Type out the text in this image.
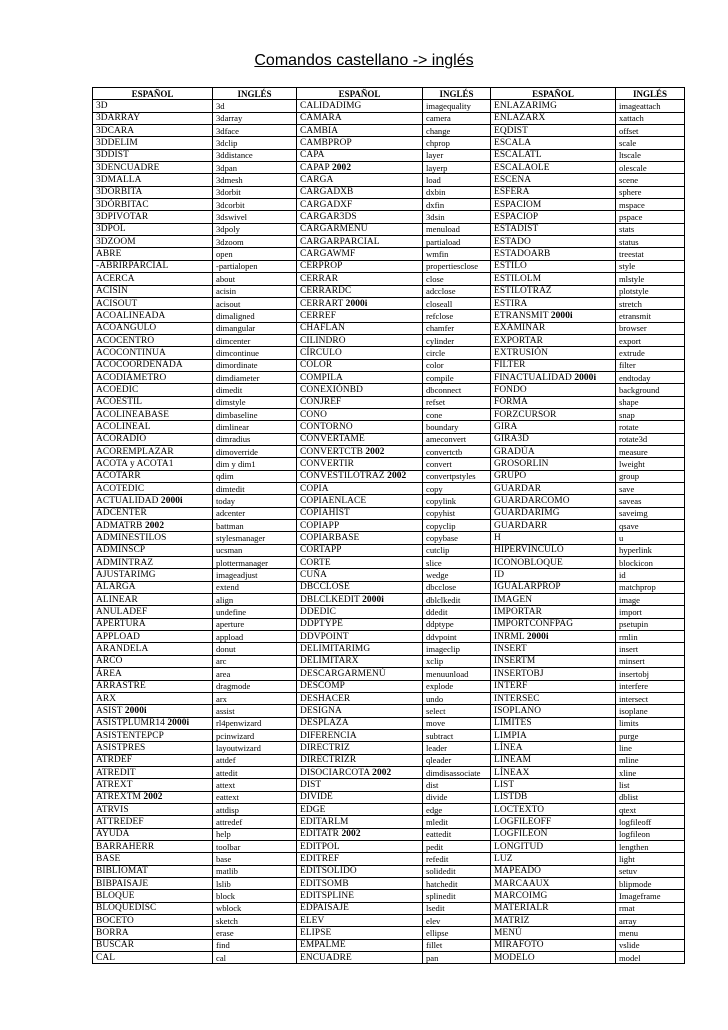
Comandos castellano -> inglés
ESPAÑOL	INGLÉS	ESPAÑOL	INGLÉS	ESPAÑOL	INGLÉS
3D	3d	CALIDADIMG	imagequality	ENLAZARIMG	imageattach
3DARRAY	3darray	CÁMARA	camera	ENLAZARX	xattach
3DCARA	3dface	CAMBIA	change	EQDIST	offset
3DDELIM	3dclip	CAMBPROP	chprop	ESCALA	scale
3DDIST	3ddistance	CAPA	layer	ESCALATL	ltscale
3DENCUADRE	3dpan	CAPAP 2002	layerp	ESCALAOLE	olescale
3DMALLA	3dmesh	CARGA	load	ESCENA	scene
3DÓRBITA	3dorbit	CARGADXB	dxbin	ESFERA	sphere
3DÓRBITAC	3dcorbit	CARGADXF	dxfin	ESPACIOM	mspace
3DPIVOTAR	3dswivel	CARGAR3DS	3dsin	ESPACIOP	pspace
3DPOL	3dpoly	CARGARMENÚ	menuload	ESTADIST	stats
3DZOOM	3dzoom	CARGARPARCIAL	partiaload	ESTADO	status
ABRE	open	CARGAWMF	wmfin	ESTADOARB	treestat
-ABRIRPARCIAL	-partialopen	CERPROP	propertiesclose	ESTILO	style
ACERCA	about	CERRAR	close	ESTILOLM	mlstyle
ACISIN	acisin	CERRARDC	adcclose	ESTILOTRAZ	plotstyle
ACISOUT	acisout	CERRART 2000i	closeall	ESTIRA	stretch
ACOALINEADA	dimaligned	CERREF	refclose	ETRANSMIT 2000i	etransmit
ACOÁNGULO	dimangular	CHAFLÁN	chamfer	EXAMINAR	browser
ACOCENTRO	dimcenter	CILINDRO	cylinder	EXPORTAR	export
ACOCONTINUA	dimcontinue	CÍRCULO	circle	EXTRUSIÓN	extrude
ACOCOORDENADA	dimordinate	COLOR	color	FILTER	filter
ACODIÁMETRO	dimdiameter	COMPILA	compile	FINACTUALIDAD 2000i	endtoday
ACOEDIC	dimedit	CONEXIÓNBD	dbconnect	FONDO	background
ACOESTIL	dimstyle	CONJREF	refset	FORMA	shape
ACOLINEABASE	dimbaseline	CONO	cone	FORZCURSOR	snap
ACOLINEAL	dimlinear	CONTORNO	boundary	GIRA	rotate
ACORADIO	dimradius	CONVERTAME	ameconvert	GIRA3D	rotate3d
ACOREMPLAZAR	dimoverride	CONVERTCTB 2002	convertctb	GRADÚA	measure
ACOTA y ACOTA1	dim y dim1	CONVERTIR	convert	GROSORLIN	lweight
ACOTARR	qdim	CONVESTILOTRAZ 2002	convertpstyles	GRUPO	group
ACOTEDIC	dimtedit	COPIA	copy	GUARDAR	save
ACTUALIDAD 2000i	today	COPIAENLACE	copylink	GUARDARCOMO	saveas
ADCENTER	adcenter	COPIAHIST	copyhist	GUARDARIMG	saveimg
ADMATRB 2002	battman	COPIAPP	copyclip	GUARDARR	qsave
ADMINESTILOS	stylesmanager	COPIARBASE	copybase	H	u
ADMINSCP	ucsman	CORTAPP	cutclip	HIPERVÍNCULO	hyperlink
ADMINTRAZ	plottermanager	CORTE	slice	ICONOBLOQUE	blockicon
AJUSTARIMG	imageadjust	CUÑA	wedge	ID	id
ALARGA	extend	DBCCLOSE	dbcclose	IGUALARPROP	matchprop
ALINEAR	align	DBLCLKEDIT 2000i	dblclkedit	IMAGEN	image
ANULADEF	undefine	DDEDIC	ddedit	IMPORTAR	import
APERTURA	aperture	DDPTYPE	ddptype	IMPORTCONFPAG	psetupin
APPLOAD	appload	DDVPOINT	ddvpoint	INRML 2000i	rmlin
ARANDELA	donut	DELIMITARIMG	imageclip	INSERT	insert
ARCO	arc	DELIMITARX	xclip	INSERTM	minsert
ÁREA	area	DESCARGARMENÚ	menuunload	INSERTOBJ	insertobj
ARRASTRE	dragmode	DESCOMP	explode	INTERF	interfere
ARX	arx	DESHACER	undo	INTERSEC	intersect
ASIST 2000i	assist	DESIGNA	select	ISOPLANO	isoplane
ASISTPLUMR14 2000i	rl4penwizard	DESPLAZA	move	LÍMITES	limits
ASISTENTEPCP	pcinwizard	DIFERENCIA	subtract	LIMPIA	purge
ASISTPRES	layoutwizard	DIRECTRIZ	leader	LÍNEA	line
ATRDEF	attdef	DIRECTRIZR	qleader	LINEAM	mline
ATREDIT	attedit	DISOCIARCOTA 2002	dimdisassociate	LÍNEAX	xline
ATREXT	attext	DIST	dist	LIST	list
ATREXTM 2002	eattext	DIVIDE	divide	LISTDB	dblist
ATRVIS	attdisp	EDGE	edge	LOCTEXTO	qtext
ATTREDEF	attredef	EDITARLM	mledit	LOGFILEOFF	logfileoff
AYUDA	help	EDITATR 2002	eattedit	LOGFILEON	logfileon
BARRAHERR	toolbar	EDITPOL	pedit	LONGITUD	lengthen
BASE	base	EDITREF	refedit	LUZ	light
BIBLIOMAT	matlib	EDITSÓLIDO	solidedit	MAPEADO	setuv
BIBPAISAJE	lslib	EDITSOMB	hatchedit	MARCAAUX	blipmode
BLOQUE	block	EDITSPLINE	splinedit	MARCOIMG	Imageframe
BLOQUEDISC	wblock	EDPAISAJE	lsedit	MATERIALR	rmat
BOCETO	sketch	ELEV	elev	MATRIZ	array
BORRA	erase	ELIPSE	ellipse	MENÚ	menu
BUSCAR	find	EMPALME	fillet	MIRAFOTO	vslide
CAL	cal	ENCUADRE	pan	MODELO	model
